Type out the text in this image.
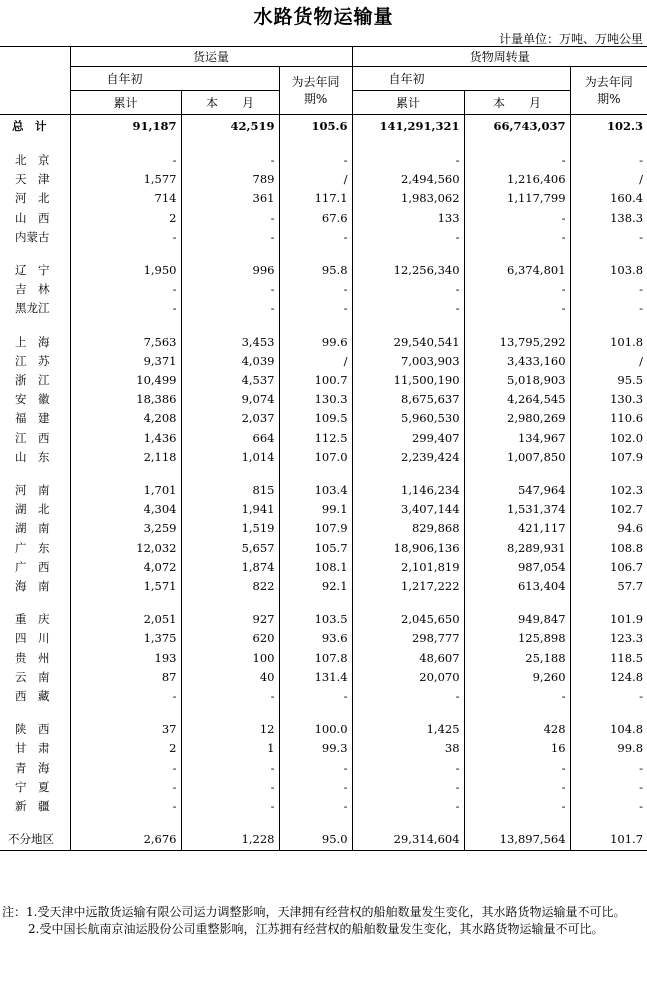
水路货物运输量
计量单位：万吨、万吨公里
	货运量			货物周转量		
	自年初		为去年同期%	自年初		为去年同期%
	累计	本　　月		累计	本　　月	
总　计	91,187	42,519	105.6	141,291,321	66,743,037	102.3

北　京	-	-	-	-	-	-
天　津	1,577	789	/	2,494,560	1,216,406	/
河　北	714	361	117.1	1,983,062	1,117,799	160.4
山　西	2	-	67.6	133	-	138.3
内蒙古	-	-	-	-	-	-

辽　宁	1,950	996	95.8	12,256,340	6,374,801	103.8
吉　林	-	-	-	-	-	-
黑龙江	-	-	-	-	-	-

上　海	7,563	3,453	99.6	29,540,541	13,795,292	101.8
江　苏	9,371	4,039	/	7,003,903	3,433,160	/
浙　江	10,499	4,537	100.7	11,500,190	5,018,903	95.5
安　徽	18,386	9,074	130.3	8,675,637	4,264,545	130.3
福　建	4,208	2,037	109.5	5,960,530	2,980,269	110.6
江　西	1,436	664	112.5	299,407	134,967	102.0
山　东	2,118	1,014	107.0	2,239,424	1,007,850	107.9

河　南	1,701	815	103.4	1,146,234	547,964	102.3
湖　北	4,304	1,941	99.1	3,407,144	1,531,374	102.7
湖　南	3,259	1,519	107.9	829,868	421,117	94.6
广　东	12,032	5,657	105.7	18,906,136	8,289,931	108.8
广　西	4,072	1,874	108.1	2,101,819	987,054	106.7
海　南	1,571	822	92.1	1,217,222	613,404	57.7

重　庆	2,051	927	103.5	2,045,650	949,847	101.9
四　川	1,375	620	93.6	298,777	125,898	123.3
贵　州	193	100	107.8	48,607	25,188	118.5
云　南	87	40	131.4	20,070	9,260	124.8
西　藏	-	-	-	-	-	-

陕　西	37	12	100.0	1,425	428	104.8
甘　肃	2	1	99.3	38	16	99.8
青　海	-	-	-	-	-	-
宁　夏	-	-	-	-	-	-
新　疆	-	-	-	-	-	-

不分地区	2,676	1,228	95.0	29,314,604	13,897,564	101.7
注：1.受天津中远散货运输有限公司运力调整影响，天津拥有经营权的船舶数量发生变化，其水路货物运输量不可比。
2.受中国长航南京油运股份公司重整影响，江苏拥有经营权的船舶数量发生变化，其水路货物运输量不可比。
